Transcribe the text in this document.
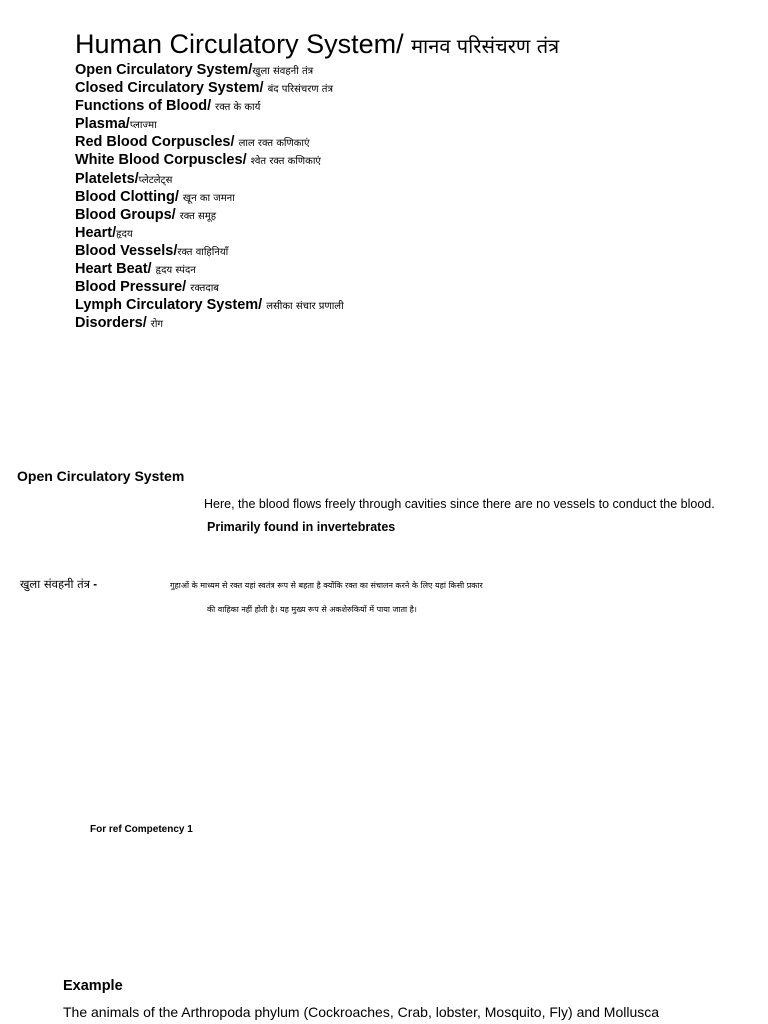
Human Circulatory System/ मानव परिसंचरण तंत्र
Open Circulatory System/खुला संवहनी तंत्र
Closed Circulatory System/ बंद परिसंचरण तंत्र
Functions of Blood/ रक्त के कार्य
Plasma/प्लाज्मा
Red Blood Corpuscles/ लाल रक्त कणिकाएं
White Blood Corpuscles/ श्वेत रक्त कणिकाएं
Platelets/प्लेटलेट्स
Blood Clotting/ खून का जमना
Blood Groups/ रक्त समूह
Heart/हृदय
Blood Vessels/रक्त वाहिनियाँ
Heart Beat/ हृदय स्पंदन
Blood Pressure/ रक्तदाब
Lymph Circulatory System/ लसीका संचार प्रणाली
Disorders/ रोग
Open Circulatory System
Here, the blood flows freely through cavities since there are no vessels to conduct the blood.
Primarily found in invertebrates
खुला संवहनी तंत्र -	गुहाओं के माध्यम से रक्त यहां स्वतंत्र रूप से बहता है क्योंकि रक्त का संचालन करने के लिए यहां किसी प्रकार
की वाहिका नहीं होती है। यह मुख्य रूप से अकशेरुकियों में पाया जाता है।
For ref Competency 1
Example
The animals of the Arthropoda phylum (Cockroaches, Crab, lobster, Mosquito, Fly) and Mollusca
